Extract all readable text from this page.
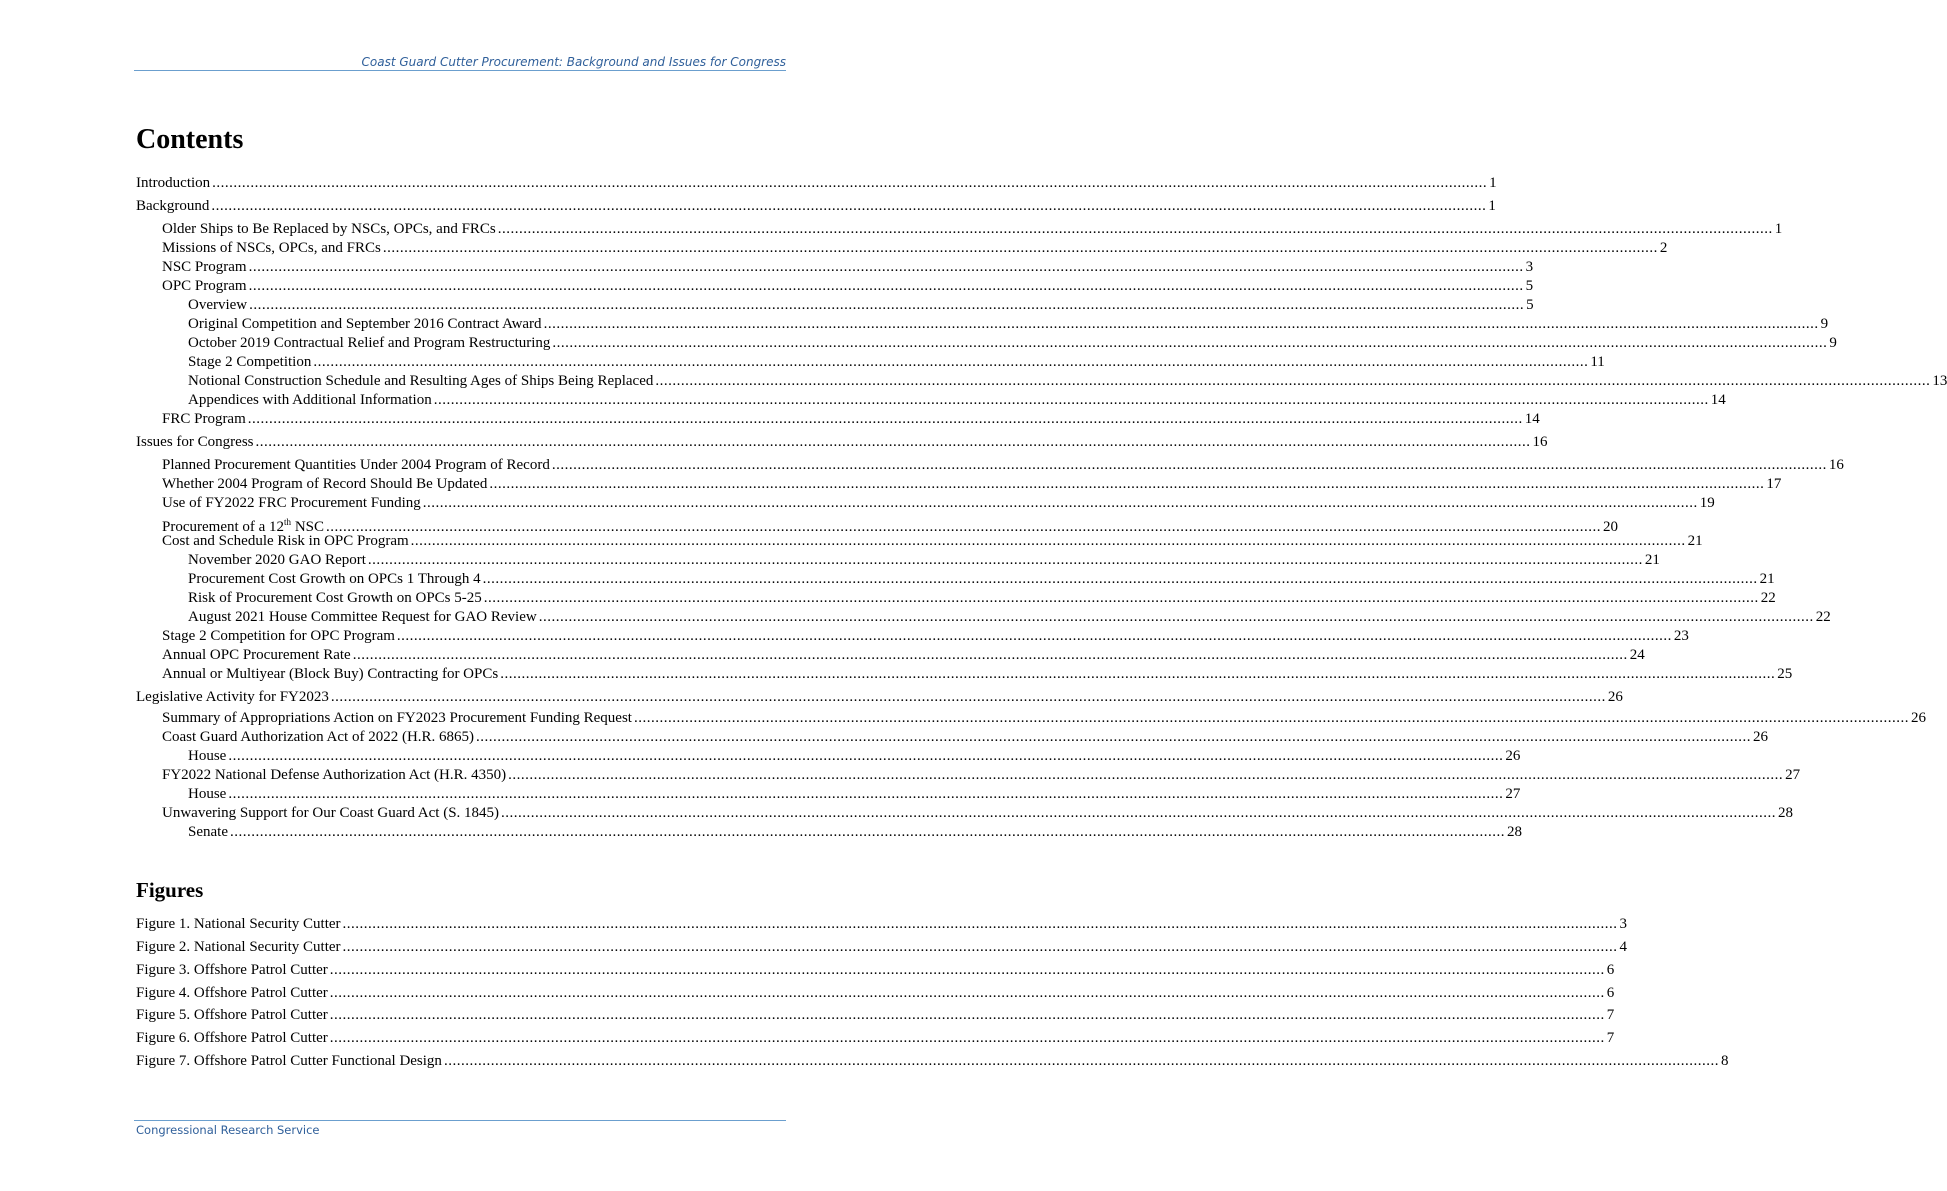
Coast Guard Cutter Procurement: Background and Issues for Congress
Contents
Introduction ............................................................................................................................................................................................................................................................................................................ 1
Background ............................................................................................................................................................................................................................................................................................................ 1
Older Ships to Be Replaced by NSCs, OPCs, and FRCs ............................................................................................................................................................................................................................................................................................................ 1
Missions of NSCs, OPCs, and FRCs ............................................................................................................................................................................................................................................................................................................ 2
NSC Program ............................................................................................................................................................................................................................................................................................................ 3
OPC Program ............................................................................................................................................................................................................................................................................................................ 5
Overview ............................................................................................................................................................................................................................................................................................................ 5
Original Competition and September 2016 Contract Award ............................................................................................................................................................................................................................................................................................................ 9
October 2019 Contractual Relief and Program Restructuring ............................................................................................................................................................................................................................................................................................................ 9
Stage 2 Competition ............................................................................................................................................................................................................................................................................................................ 11
Notional Construction Schedule and Resulting Ages of Ships Being Replaced ............................................................................................................................................................................................................................................................................................................ 13
Appendices with Additional Information ............................................................................................................................................................................................................................................................................................................ 14
FRC Program ............................................................................................................................................................................................................................................................................................................ 14
Issues for Congress ............................................................................................................................................................................................................................................................................................................ 16
Planned Procurement Quantities Under 2004 Program of Record ............................................................................................................................................................................................................................................................................................................ 16
Whether 2004 Program of Record Should Be Updated ............................................................................................................................................................................................................................................................................................................ 17
Use of FY2022 FRC Procurement Funding ............................................................................................................................................................................................................................................................................................................ 19
Procurement of a 12th NSC ............................................................................................................................................................................................................................................................................................................ 20
Cost and Schedule Risk in OPC Program ............................................................................................................................................................................................................................................................................................................ 21
November 2020 GAO Report ............................................................................................................................................................................................................................................................................................................ 21
Procurement Cost Growth on OPCs 1 Through 4 ............................................................................................................................................................................................................................................................................................................ 21
Risk of Procurement Cost Growth on OPCs 5-25 ............................................................................................................................................................................................................................................................................................................ 22
August 2021 House Committee Request for GAO Review ............................................................................................................................................................................................................................................................................................................ 22
Stage 2 Competition for OPC Program ............................................................................................................................................................................................................................................................................................................ 23
Annual OPC Procurement Rate ............................................................................................................................................................................................................................................................................................................ 24
Annual or Multiyear (Block Buy) Contracting for OPCs ............................................................................................................................................................................................................................................................................................................ 25
Legislative Activity for FY2023 ............................................................................................................................................................................................................................................................................................................ 26
Summary of Appropriations Action on FY2023 Procurement Funding Request ............................................................................................................................................................................................................................................................................................................ 26
Coast Guard Authorization Act of 2022 (H.R. 6865) ............................................................................................................................................................................................................................................................................................................ 26
House ............................................................................................................................................................................................................................................................................................................ 26
FY2022 National Defense Authorization Act (H.R. 4350) ............................................................................................................................................................................................................................................................................................................ 27
House ............................................................................................................................................................................................................................................................................................................ 27
Unwavering Support for Our Coast Guard Act (S. 1845) ............................................................................................................................................................................................................................................................................................................ 28
Senate ............................................................................................................................................................................................................................................................................................................ 28
Figures
Figure 1. National Security Cutter ............................................................................................................................................................................................................................................................................................................ 3
Figure 2. National Security Cutter ............................................................................................................................................................................................................................................................................................................ 4
Figure 3. Offshore Patrol Cutter ............................................................................................................................................................................................................................................................................................................ 6
Figure 4. Offshore Patrol Cutter ............................................................................................................................................................................................................................................................................................................ 6
Figure 5. Offshore Patrol Cutter ............................................................................................................................................................................................................................................................................................................ 7
Figure 6. Offshore Patrol Cutter ............................................................................................................................................................................................................................................................................................................ 7
Figure 7. Offshore Patrol Cutter Functional Design ............................................................................................................................................................................................................................................................................................................ 8
Congressional Research Service
